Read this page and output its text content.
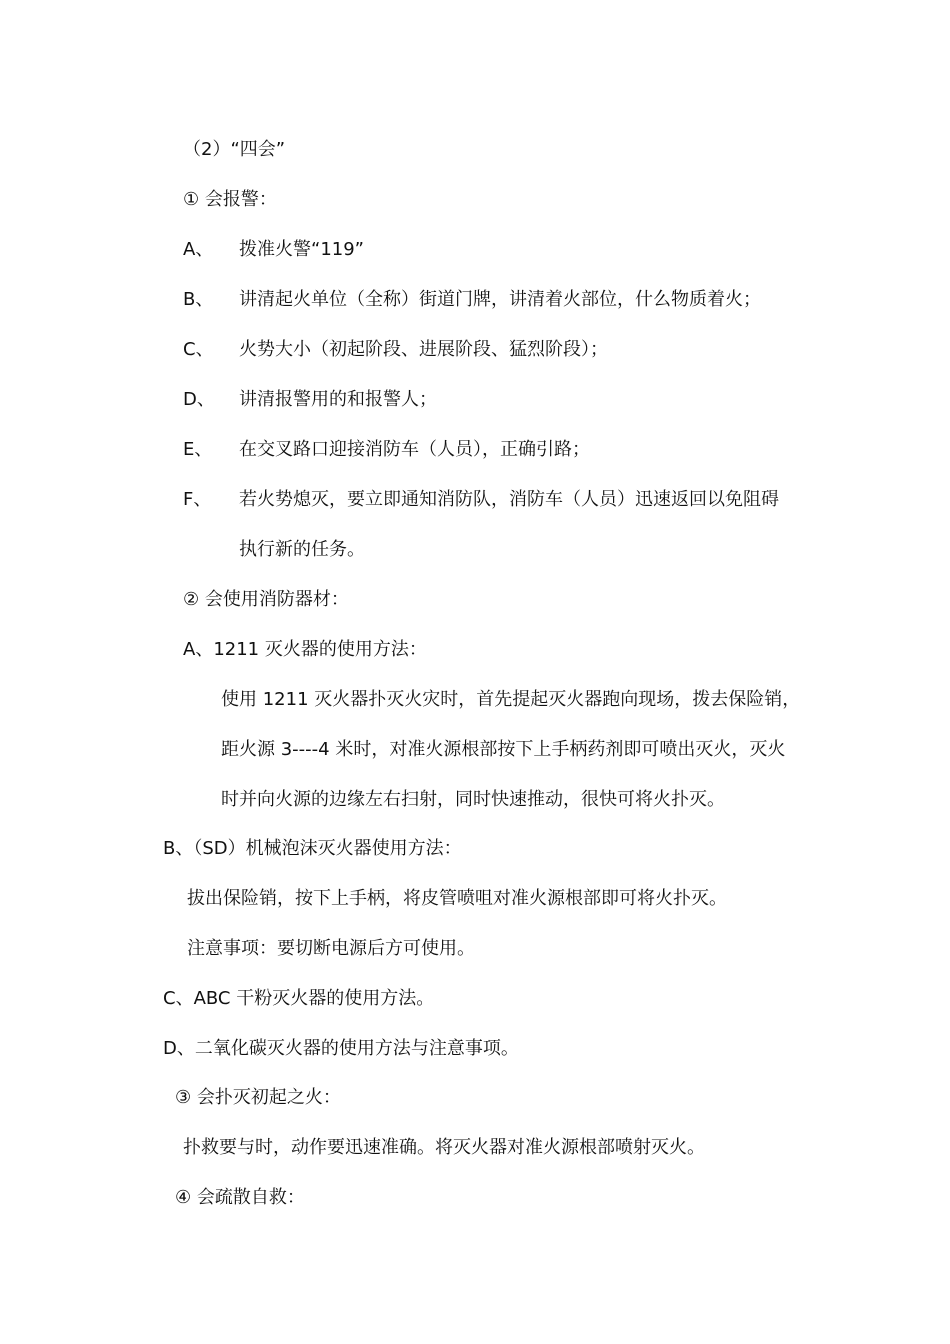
（2）“四会”
① 会报警：
A、 拨准火警“119”
B、 讲清起火单位（全称）街道门牌，讲清着火部位，什么物质着火；
C、 火势大小（初起阶段、进展阶段、猛烈阶段）；
D、 讲清报警用的和报警人；
E、 在交叉路口迎接消防车（人员），正确引路；
F、 若火势熄灭，要立即通知消防队，消防车（人员）迅速返回以免阻碍
执行新的任务。
② 会使用消防器材：
A、1211 灭火器的使用方法：
使用 1211 灭火器扑灭火灾时，首先提起灭火器跑向现场，拨去保险销，
距火源 3----4 米时，对准火源根部按下上手柄药剂即可喷出灭火，灭火
时并向火源的边缘左右扫射，同时快速推动，很快可将火扑灭。
B、（SD）机械泡沫灭火器使用方法：
拔出保险销，按下上手柄，将皮管喷咀对准火源根部即可将火扑灭。
注意事项：要切断电源后方可使用。
C、ABC 干粉灭火器的使用方法。
D、二氧化碳灭火器的使用方法与注意事项。
③ 会扑灭初起之火：
扑救要与时，动作要迅速准确。将灭火器对准火源根部喷射灭火。
④ 会疏散自救：
